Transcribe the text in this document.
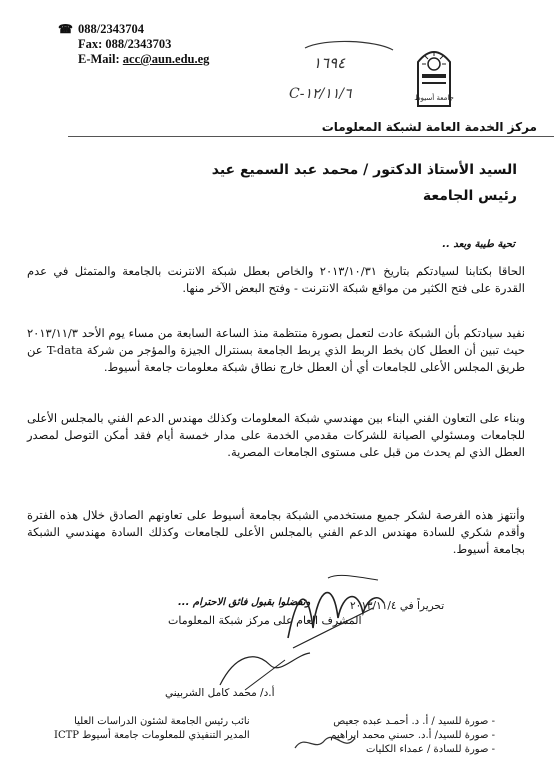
☎ 088/2343704
Fax: 088/2343703
E-Mail: acc@aun.edu.eg	١٦٩٤
C-١٢/١١/٦	جامعة أسيوط
مركز الخدمة العامة لشبكة المعلومات
السيد الأستاذ الدكتور / محمد عبد السميع عيد
رئيس الجامعة
تحية طيبة وبعد ..
الحاقا بكتابنا لسيادتكم بتاريخ ٢٠١٣/١٠/٣١ والخاص بعطل شبكة الانترنت بالجامعة والمتمثل في عدم القدرة على فتح الكثير من مواقع شبكة الانترنت - وفتح البعض الآخر منها.
نفيد سيادتكم بأن الشبكة عادت لتعمل بصورة منتظمة منذ الساعة السابعة من مساء يوم الأحد ٢٠١٣/١١/٣ حيث تبين أن العطل كان بخط الربط الذي يربط الجامعة بسنترال الجيزة والمؤجر من شركة T-data عن طريق المجلس الأعلى للجامعات أي أن العطل خارج نطاق شبكة معلومات جامعة أسيوط.
وبناء على التعاون الفني البناء بين مهندسي شبكة المعلومات وكذلك مهندس الدعم الفني بالمجلس الأعلى للجامعات ومسئولي الصيانة للشركات مقدمي الخدمة على مدار خمسة أيام فقد أمكن التوصل لمصدر العطل الذي لم يحدث من قبل على مستوى الجامعات المصرية.
وأنتهز هذه الفرصة لشكر جميع مستخدمي الشبكة بجامعة أسيوط على تعاونهم الصادق خلال هذه الفترة وأقدم شكري للسادة مهندس الدعم الفني بالمجلس الأعلى للجامعات وكذلك السادة مهندسي الشبكة بجامعة أسيوط.
وتفضلوا بقبول فائق الاحترام ...
المشرف العام على مركز شبكة المعلومات
تحريراً في ٢٠١٣/١١/٤
أ.د/ محمد كامل الشربيني
- صورة للسيد / أ. د. أحمـد عبده جعيص
- صورة للسيد/ أ.د. حسني محمد ابراهيم
- صورة للسادة / عمداء الكليات
نائب رئيس الجامعة لشئون الدراسات العليا
المدير التنفيذي للمعلومات جامعة أسيوط ICTP
